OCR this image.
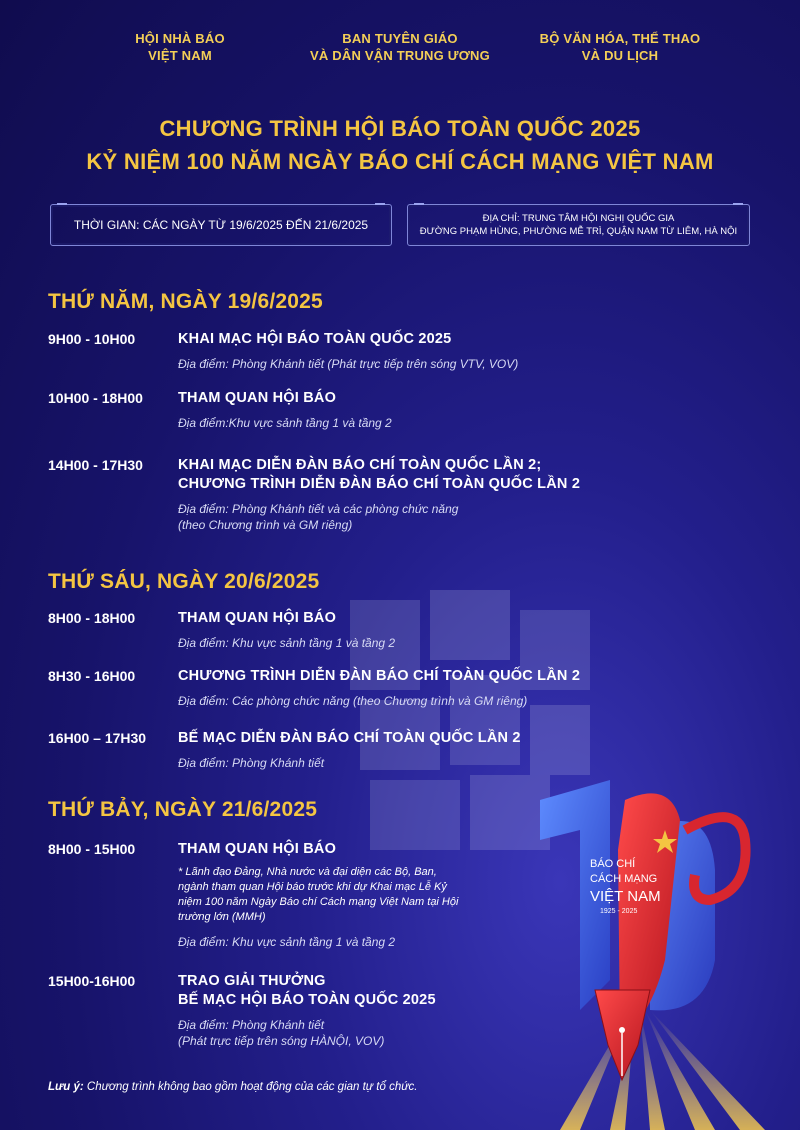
HỘI NHÀ BÁO
VIỆT NAM
BAN TUYÊN GIÁO
VÀ DÂN VẬN TRUNG ƯƠNG
BỘ VĂN HÓA, THỂ THAO
VÀ DU LỊCH
CHƯƠNG TRÌNH HỘI BÁO TOÀN QUỐC 2025
KỶ NIỆM 100 NĂM NGÀY BÁO CHÍ CÁCH MẠNG VIỆT NAM
THỜI GIAN: CÁC NGÀY TỪ 19/6/2025 ĐẾN 21/6/2025	ĐỊA CHỈ: TRUNG TÂM HỘI NGHỊ QUỐC GIA
ĐƯỜNG PHẠM HÙNG, PHƯỜNG MỄ TRÌ, QUẬN NAM TỪ LIÊM, HÀ NỘI
THỨ NĂM, NGÀY 19/6/2025
9H00 - 10H00	KHAI MẠC HỘI BÁO TOÀN QUỐC 2025
Địa điểm: Phòng Khánh tiết (Phát trực tiếp trên sóng VTV, VOV)
10H00 - 18H00	THAM QUAN HỘI BÁO
Địa điểm:Khu vực sảnh tầng 1 và tầng 2
14H00 - 17H30	KHAI MẠC DIỄN ĐÀN BÁO CHÍ TOÀN QUỐC LẦN 2;
CHƯƠNG TRÌNH DIỄN ĐÀN BÁO CHÍ TOÀN QUỐC LẦN 2
Địa điểm: Phòng Khánh tiết và các phòng chức năng
(theo Chương trình và GM riêng)
THỨ SÁU, NGÀY 20/6/2025
8H00 - 18H00	THAM QUAN HỘI BÁO
Địa điểm: Khu vực sảnh tầng 1 và tầng 2
8H30 - 16H00	CHƯƠNG TRÌNH DIỄN ĐÀN BÁO CHÍ TOÀN QUỐC LẦN 2
Địa điểm: Các phòng chức năng (theo Chương trình và GM riêng)
16H00 – 17H30	BẾ MẠC DIỄN ĐÀN BÁO CHÍ TOÀN QUỐC LẦN 2
Địa điểm: Phòng Khánh tiết
THỨ BẢY, NGÀY 21/6/2025
8H00 - 15H00	THAM QUAN HỘI BÁO
* Lãnh đạo Đảng, Nhà nước và đại diện các Bộ, Ban, ngành tham quan Hội báo trước khi dự Khai mạc Lễ Kỷ niệm 100 năm Ngày Báo chí Cách mạng Việt Nam tại Hội trường lớn (MMH)
Địa điểm: Khu vực sảnh tầng 1 và tầng 2
15H00-16H00	TRAO GIẢI THƯỞNG
BẾ MẠC HỘI BÁO TOÀN QUỐC 2025
Địa điểm: Phòng Khánh tiết
(Phát trực tiếp trên sóng HÀNỘI, VOV)
Lưu ý: Chương trình không bao gồm hoạt động của các gian tự tổ chức.
BÁO CHÍ
CÁCH MẠNG
VIỆT NAM
1925 - 2025
